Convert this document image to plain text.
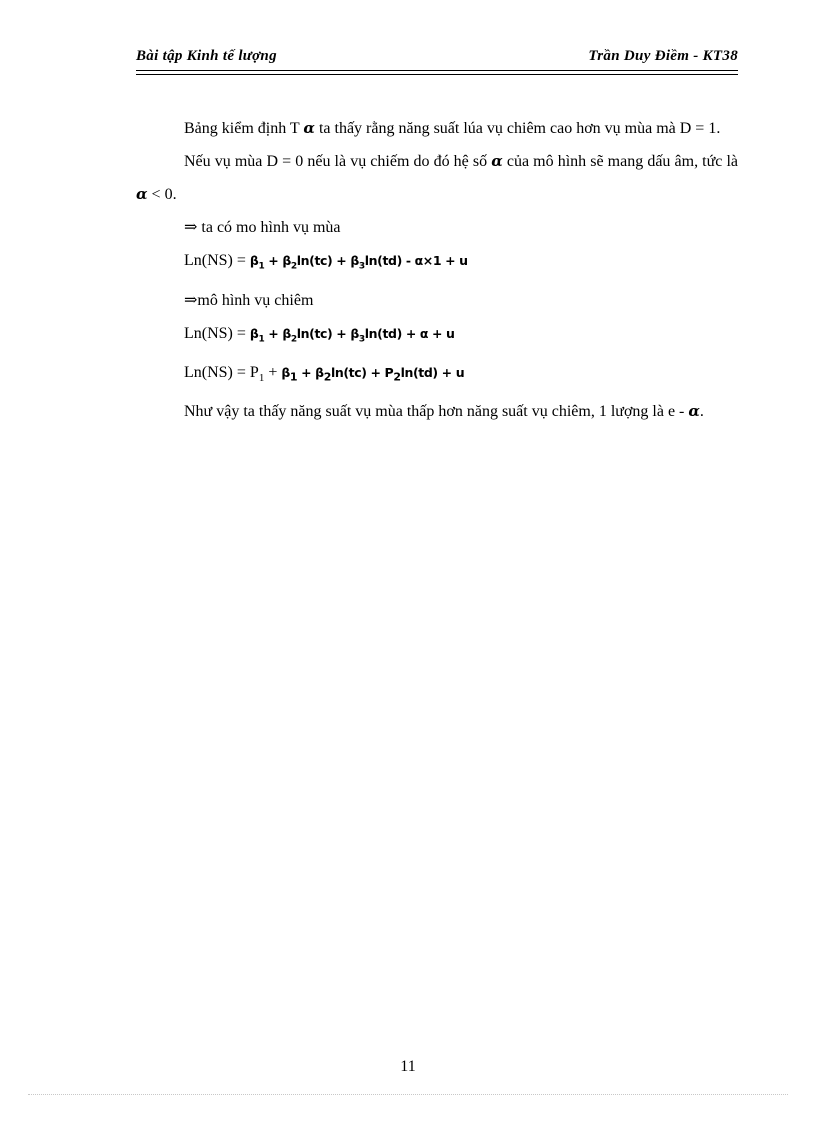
Bài tập Kinh tế lượng	Trần Duy Điềm - KT38

Bảng kiểm định T α ta thấy rằng năng suất lúa vụ chiêm cao hơn vụ mùa mà D = 1.

Nếu vụ mùa D = 0 nếu là vụ chiếm do đó hệ số α của mô hình sẽ mang dấu âm, tức là α < 0.

⇒ ta có mo hình vụ mùa

$Ln(NS) = \beta_1 + \beta_2\ln(tc) + \beta_3\ln(td) - \alpha\times 1 + u$

⇒mô hình vụ chiêm

$Ln(NS) = \beta_1 + \beta_2\ln(tc) + \beta_3\ln(td) + \alpha + u$

$Ln(NS) = P_1 + \beta_1 + \beta_2\ln(tc) + P_2\ln(td) + u$

Như vậy ta thấy năng suất vụ mùa thấp hơn năng suất vụ chiêm, 1 lượng là e - α.

11
